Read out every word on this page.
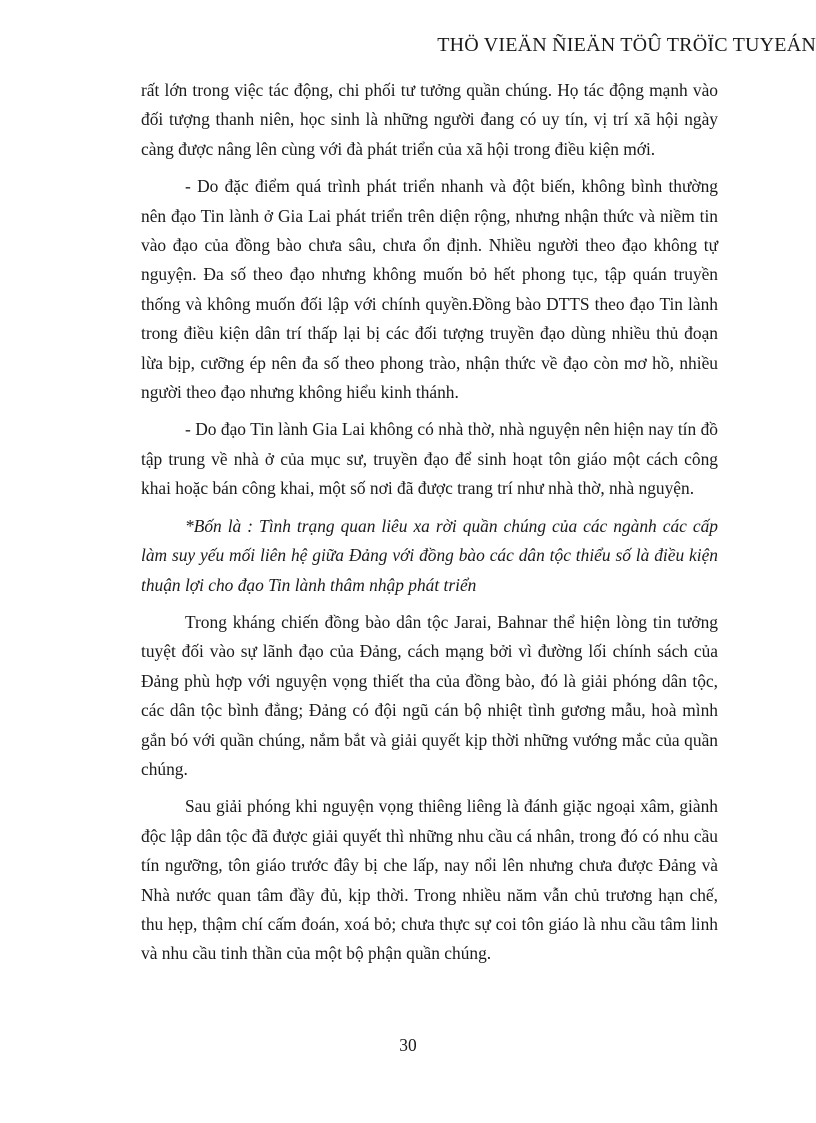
THÖ VIEÄN ÑIEÄN TÖÛ TRÖÏC TUYEÁN

rất lớn trong việc tác động, chi phối tư tưởng quần chúng. Họ tác động mạnh vào đối tượng thanh niên, học sinh là những người đang có uy tín, vị trí xã hội ngày càng được nâng lên cùng với đà phát triển của xã hội trong điều kiện mới.

- Do đặc điểm quá trình phát triển nhanh và đột biến, không bình thường nên đạo Tin lành ở Gia Lai phát triển trên diện rộng, nhưng nhận thức và niềm tin vào đạo của đồng bào chưa sâu, chưa ổn định. Nhiều người theo đạo không tự nguyện. Đa số theo đạo nhưng không muốn bỏ hết phong tục, tập quán truyền thống và không muốn đối lập với chính quyền.Đồng bào DTTS theo đạo Tin lành trong điều kiện dân trí thấp lại bị các đối tượng truyền đạo dùng nhiều thủ đoạn lừa bịp, cưỡng ép nên đa số theo phong trào, nhận thức về đạo còn mơ hồ, nhiều người theo đạo nhưng không hiểu kinh thánh.

- Do đạo Tin lành Gia Lai không có nhà thờ, nhà nguyện nên hiện nay tín đồ tập trung về nhà ở của mục sư, truyền đạo để sinh hoạt tôn giáo một cách công khai hoặc bán công khai, một số nơi đã được trang trí như nhà thờ, nhà nguyện.

*Bốn là : Tình trạng quan liêu xa rời quần chúng của các ngành các cấp làm suy yếu mối liên hệ giữa Đảng với đồng bào các dân tộc thiểu số là điều kiện thuận lợi cho đạo Tin lành thâm nhập phát triển

Trong kháng chiến đồng bào dân tộc Jarai, Bahnar thể hiện lòng tin tưởng tuyệt đối vào sự lãnh đạo của Đảng, cách mạng bởi vì đường lối chính sách của Đảng phù hợp với nguyện vọng thiết tha của đồng bào, đó là giải phóng dân tộc, các dân tộc bình đẳng; Đảng có đội ngũ cán bộ nhiệt tình gương mẫu, hoà mình gắn bó với quần chúng, nắm bắt và giải quyết kịp thời những vướng mắc của quần chúng.

Sau giải phóng khi nguyện vọng thiêng liêng là đánh giặc ngoại xâm, giành độc lập dân tộc đã được giải quyết thì những nhu cầu cá nhân, trong đó có nhu cầu tín ngưỡng, tôn giáo trước đây bị che lấp, nay nổi lên nhưng chưa được Đảng và Nhà nước quan tâm đầy đủ, kịp thời. Trong nhiều năm vẫn chủ trương hạn chế, thu hẹp, thậm chí cấm đoán, xoá bỏ; chưa thực sự coi tôn giáo là nhu cầu tâm linh và nhu cầu tinh thần của một bộ phận quần chúng.

30
